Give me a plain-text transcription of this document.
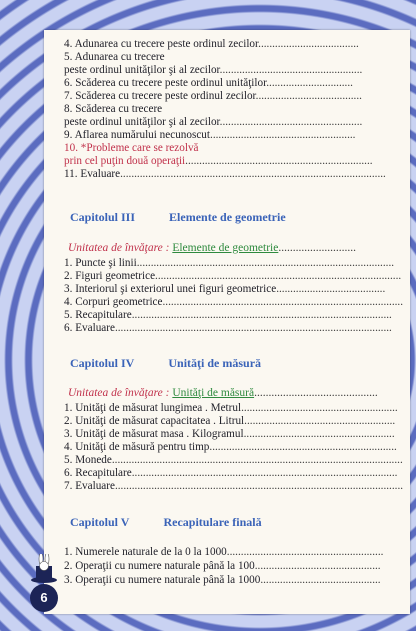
4. Adunarea cu trecere peste ordinul zecilor....................................
5. Adunarea cu trecere
peste ordinul unităţilor şi al zecilor...................................................
6. Scăderea cu trecere peste ordinul unităţilor...............................
7. Scăderea cu trecere peste ordinul zecilor......................................
8. Scăderea cu trecere
peste ordinul unităţilor şi al zecilor...................................................
9. Aflarea numărului necunoscut....................................................
10. *Probleme care se rezolvă
prin cel puţin două operaţii...................................................................
11. Evaluare...............................................................................................
Capitolul III	Elemente de geometrie
Unitatea de învăţare : Elemente de geometrie...........................
1. Puncte şi linii............................................................................................
2. Figuri geometrice........................................................................................
3. Interiorul şi exteriorul unei figuri geometrice.......................................
4. Corpuri geometrice......................................................................................
5. Recapitulare.............................................................................................
6. Evaluare...................................................................................................
Capitolul IV	Unităţi de măsură
Unitatea de învăţare : Unităţi de măsură...........................................
1. Unităţi de măsurat lungimea . Metrul........................................................
2. Unităţi de măsurat capacitatea . Litrul......................................................
3. Unităţi de măsurat masa . Kilogramul......................................................
4. Unităţi de măsură pentru timp...................................................................
5. Monede........................................................................................................
6. Recapitulare...............................................................................................
7. Evaluare.......................................................................................................
Capitolul V	Recapitulare finală
1. Numerele naturale de la 0 la 1000........................................................
2. Operaţii cu numere naturale până la 100.............................................
3. Operaţii cu numere naturale până la 1000...........................................
6
